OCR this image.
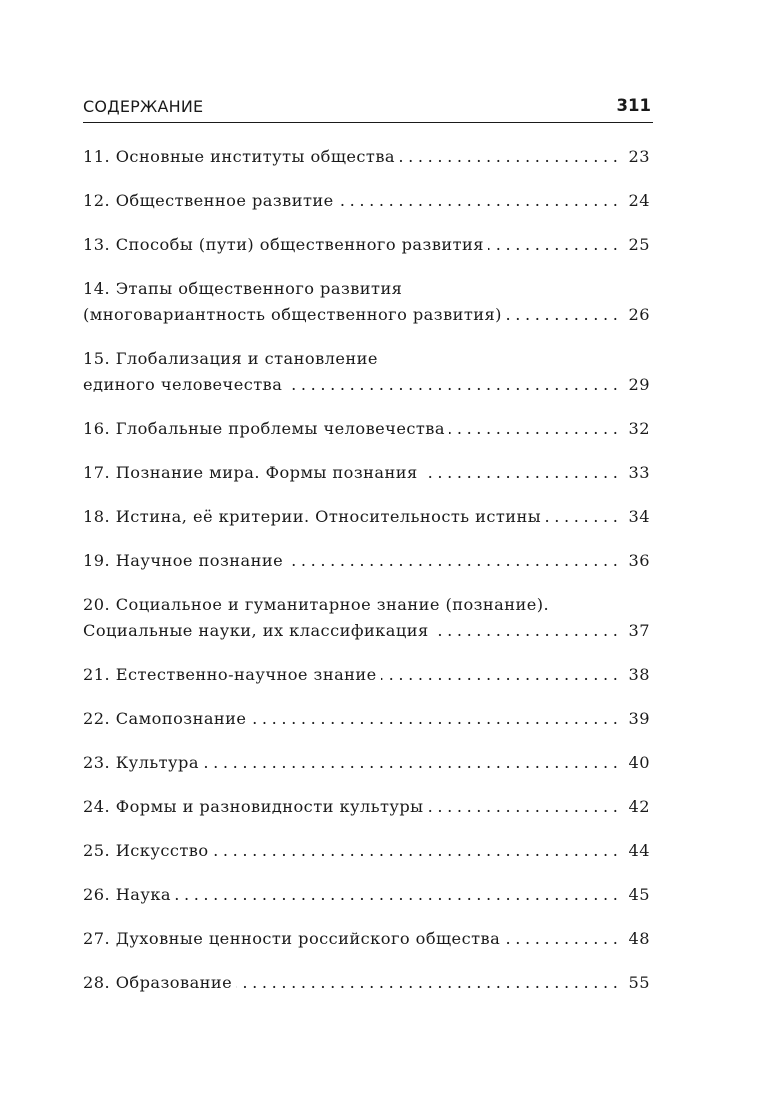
СОДЕРЖАНИЕ	311
11. Основные институты общества .....	23
12. Общественное развитие .....	24
13. Способы (пути) общественного развития .....	25
14. Этапы общественного развития
(многовариантность общественного развития) .....	26
15. Глобализация и становление
единого человечества .....	29
16. Глобальные проблемы человечества .....	32
17. Познание мира. Формы познания .....	33
18. Истина, её критерии. Относительность истины .....	34
19. Научное познание .....	36
20. Социальное и гуманитарное знание (познание).
Социальные науки, их классификация .....	37
21. Естественно-научное знание .....	38
22. Самопознание .....	39
23. Культура .....	40
24. Формы и разновидности культуры .....	42
25. Искусство .....	44
26. Наука .....	45
27. Духовные ценности российского общества .....	48
28. Образование .....	55
